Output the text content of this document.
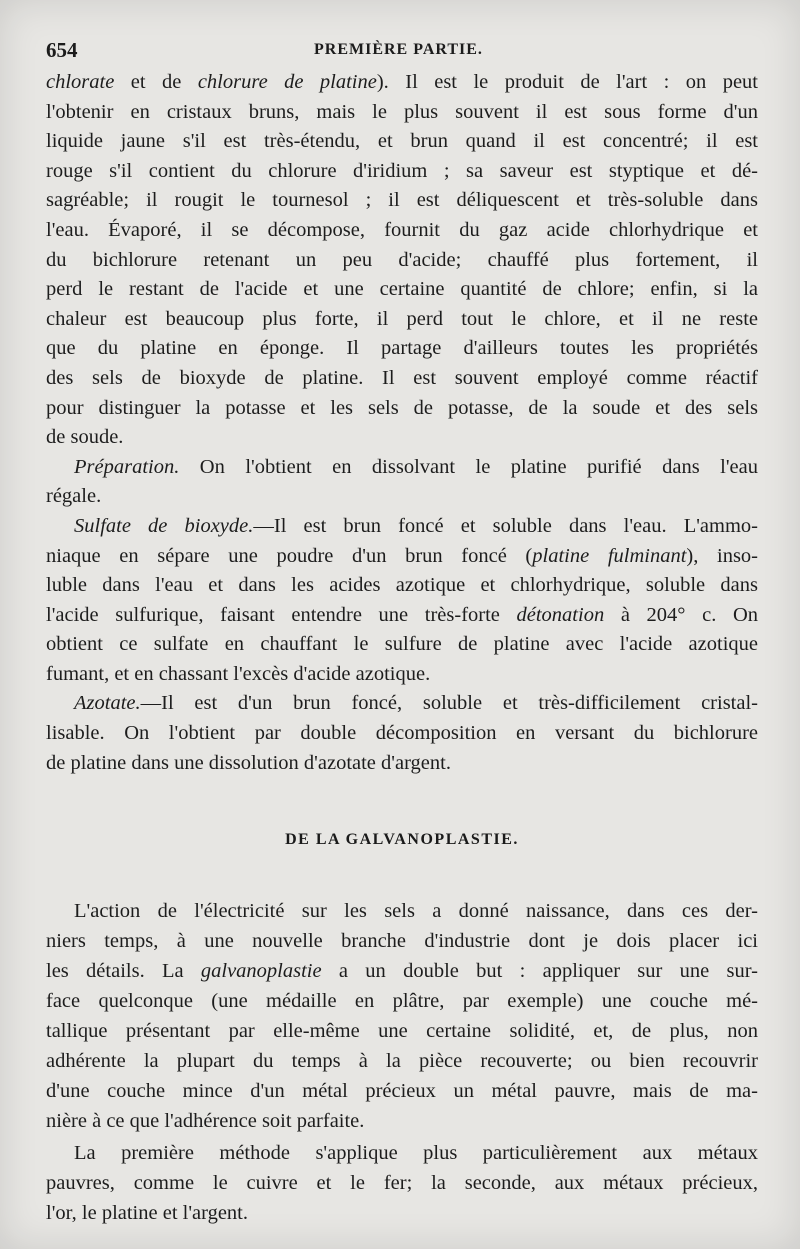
654	PREMIÈRE PARTIE.
chlorate et de chlorure de platine). Il est le produit de l'art : on peut
l'obtenir en cristaux bruns, mais le plus souvent il est sous forme d'un
liquide jaune s'il est très-étendu, et brun quand il est concentré; il est
rouge s'il contient du chlorure d'iridium ; sa saveur est styptique et dé-
sagréable; il rougit le tournesol ; il est déliquescent et très-soluble dans
l'eau. Évaporé, il se décompose, fournit du gaz acide chlorhydrique et
du bichlorure retenant un peu d'acide; chauffé plus fortement, il
perd le restant de l'acide et une certaine quantité de chlore; enfin, si la
chaleur est beaucoup plus forte, il perd tout le chlore, et il ne reste
que du platine en éponge. Il partage d'ailleurs toutes les propriétés
des sels de bioxyde de platine. Il est souvent employé comme réactif
pour distinguer la potasse et les sels de potasse, de la soude et des sels
de soude.
Préparation. On l'obtient en dissolvant le platine purifié dans l'eau
régale.
Sulfate de bioxyde.—Il est brun foncé et soluble dans l'eau. L'ammo-
niaque en sépare une poudre d'un brun foncé (platine fulminant), inso-
luble dans l'eau et dans les acides azotique et chlorhydrique, soluble dans
l'acide sulfurique, faisant entendre une très-forte détonation à 204° c. On
obtient ce sulfate en chauffant le sulfure de platine avec l'acide azotique
fumant, et en chassant l'excès d'acide azotique.
Azotate.—Il est d'un brun foncé, soluble et très-difficilement cristal-
lisable. On l'obtient par double décomposition en versant du bichlorure
de platine dans une dissolution d'azotate d'argent.
DE LA GALVANOPLASTIE.
L'action de l'électricité sur les sels a donné naissance, dans ces der-
niers temps, à une nouvelle branche d'industrie dont je dois placer ici
les détails. La galvanoplastie a un double but : appliquer sur une sur-
face quelconque (une médaille en plâtre, par exemple) une couche mé-
tallique présentant par elle-même une certaine solidité, et, de plus, non
adhérente la plupart du temps à la pièce recouverte; ou bien recouvrir
d'une couche mince d'un métal précieux un métal pauvre, mais de ma-
nière à ce que l'adhérence soit parfaite.
La première méthode s'applique plus particulièrement aux métaux
pauvres, comme le cuivre et le fer; la seconde, aux métaux précieux,
l'or, le platine et l'argent.
